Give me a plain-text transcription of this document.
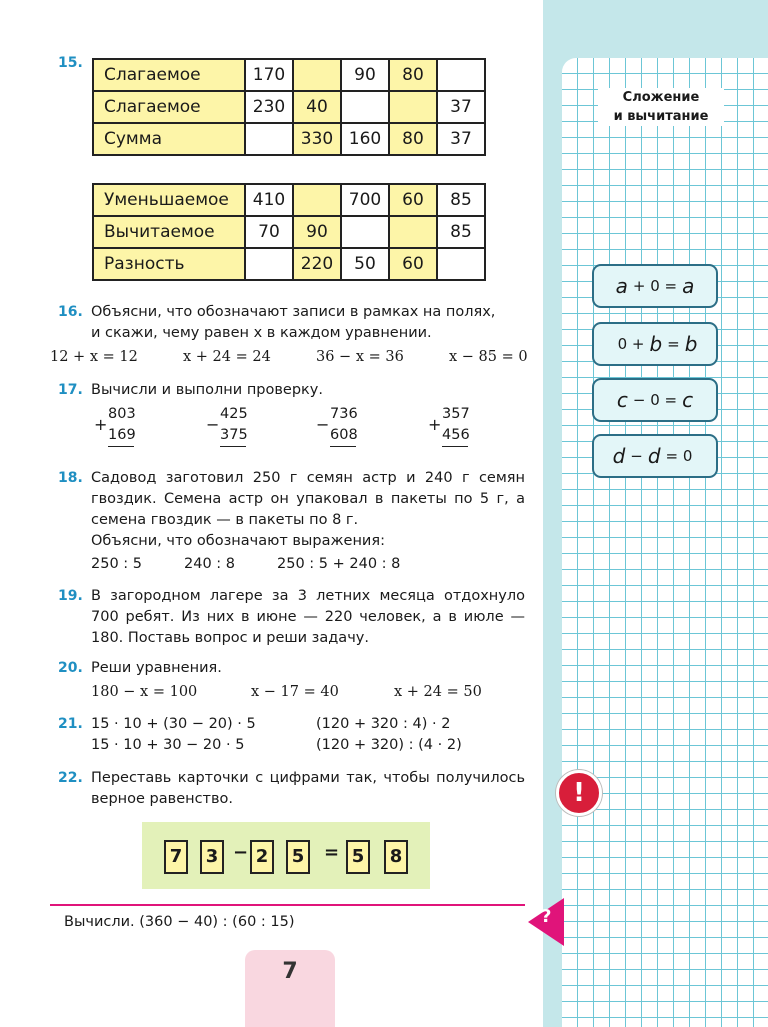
Сложение
и вычитание
a + 0 = a
0 + b = b
c − 0 = c
d − d = 0
!
?
15.
Слагаемое	170		90	80	
Слагаемое	230	40			37
Сумма		330	160	80	37
Уменьшаемое	410		700	60	85
Вычитаемое	70	90			85
Разность		220	50	60	
16. Объясни, что обозначают записи в рамках на полях,
и скажи, чему равен x в каждом уравнении.
12 + x = 12	x + 24 = 24	36 − x = 36	x − 85 = 0
17. Вычисли и выполни проверку.
+
803
169
−
425
375
−
736
608
+
357
456
18. Садовод заготовил 250 г семян астр и 240 г семян гвоздик. Семена астр он упаковал в пакеты по 5 г, а семена гвоздик — в пакеты по 8 г.
Объясни, что обозначают выражения:
250 : 5	240 : 8	250 : 5 + 240 : 8
19. В загородном лагере за 3 летних месяца отдохнуло 700 ребят. Из них в июне — 220 человек, а в июле — 180. Поставь вопрос и реши задачу.
20. Реши уравнения.
180 − x = 100	x − 17 = 40	x + 24 = 50
21. 15 · 10 + (30 − 20) · 5	(120 + 320 : 4) · 2
15 · 10 + 30 − 20 · 5	(120 + 320) : (4 · 2)
22. Переставь карточки с цифрами так, чтобы получилось верное равенство.
7	3 − 2	5	= 5	8
Вычисли. (360 − 40) : (60 : 15)
7
